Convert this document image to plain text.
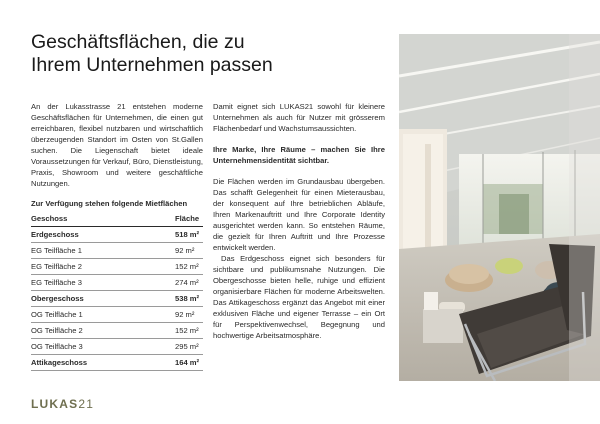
Geschäftsflächen, die zu
Ihrem Unternehmen passen

An der Lukasstrasse 21 entstehen moderne Geschäftsflächen für Unternehmen, die einen gut erreichbaren, flexibel nutzbaren und wirtschaftlich überzeugenden Standort im Osten von St.Gallen suchen. Die Liegenschaft bietet ideale Voraussetzungen für Verkauf, Büro, Dienstleistung, Praxis, Showroom und weitere geschäftliche Nutzungen.

Zur Verfügung stehen folgende Mietflächen
Geschoss	Fläche
Erdgeschoss	518 m²
EG Teilfläche 1	92 m²
EG Teilfläche 2	152 m²
EG Teilfläche 3	274 m²
Obergeschoss	538 m²
OG Teilfläche 1	92 m²
OG Teilfläche 2	152 m²
OG Teilfläche 3	295 m²
Attikageschoss	164 m²

Damit eignet sich LUKAS21 sowohl für kleinere Unternehmen als auch für Nutzer mit grösserem Flächenbedarf und Wachstumsaussichten.

Ihre Marke, Ihre Räume – machen Sie Ihre Unternehmensidentität sichtbar.

Die Flächen werden im Grundausbau übergeben. Das schafft Gelegenheit für einen Mieterausbau, der konsequent auf Ihre betrieblichen Abläufe, Ihren Markenauftritt und Ihre Corporate Identity ausgerichtet werden kann. So entstehen Räume, die gezielt für Ihren Auftritt und Ihre Prozesse entwickelt werden.

Das Erdgeschoss eignet sich besonders für sichtbare und publikumsnahe Nutzungen. Die Obergeschosse bieten helle, ruhige und effizient organisierbare Flächen für moderne Arbeitswelten. Das Attikageschoss ergänzt das Angebot mit einer exklusiven Fläche und eigener Terrasse – ein Ort für Perspektivenwechsel, Begegnung und hochwertige Arbeitsatmosphäre.

LUKAS21
